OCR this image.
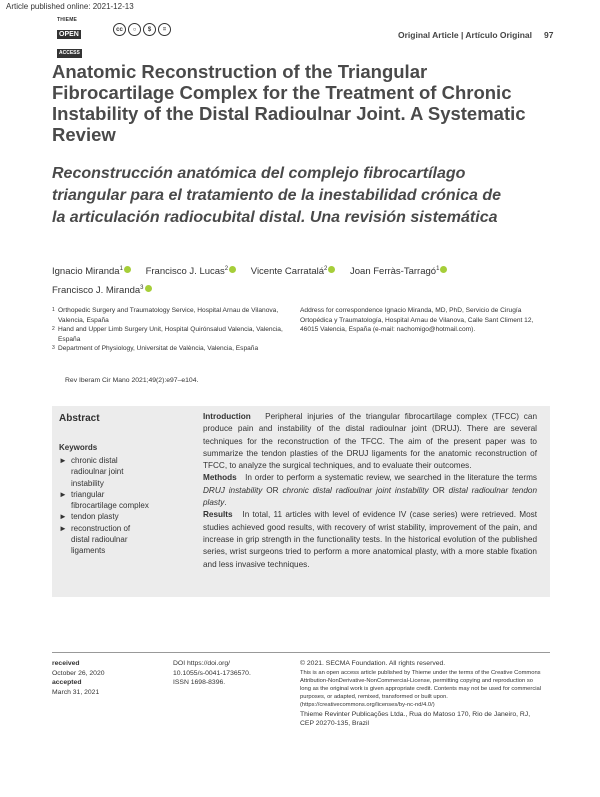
Article published online: 2021-12-13
THIEME
OPEN ACCESS
cc	○	$	=
Original Article | Artículo Original 97
Anatomic Reconstruction of the Triangular Fibrocartilage Complex for the Treatment of Chronic Instability of the Distal Radioulnar Joint. A Systematic Review
Reconstrucción anatómica del complejo fibrocartílago triangular para el tratamiento de la inestabilidad crónica de la articulación radiocubital distal. Una revisión sistemática
Ignacio Miranda$^1$ Francisco J. Lucas$^2$ Vicente Carratalá$^2$ Joan Ferràs-Tarragó$^1$
Francisco J. Miranda$^3$
1 Orthopedic Surgery and Traumatology Service, Hospital Arnau de Vilanova, Valencia, España
2 Hand and Upper Limb Surgery Unit, Hospital Quirónsalud Valencia, Valencia, España
3 Department of Physiology, Universitat de València, Valencia, España
Address for correspondence Ignacio Miranda, MD, PhD, Servicio de Cirugía Ortopédica y Traumatología, Hospital Arnau de Vilanova, Calle Sant Climent 12, 46015 Valencia, España (e-mail: nachomigo@hotmail.com).
Rev Iberam Cir Mano 2021;49(2):e97–e104.
Abstract
Keywords
► chronic distal radioulnar joint instability
► triangular fibrocartilage complex
► tendon plasty
► reconstruction of distal radioulnar ligaments

Introduction Peripheral injuries of the triangular fibrocartilage complex (TFCC) can produce pain and instability of the distal radioulnar joint (DRUJ). There are several techniques for the reconstruction of the TFCC. The aim of the present paper was to summarize the tendon plasties of the DRUJ ligaments for the anatomic reconstruction of TFCC, to analyze the surgical techniques, and to evaluate their outcomes.

Methods In order to perform a systematic review, we searched in the literature the terms DRUJ instability OR chronic distal radioulnar joint instability OR distal radioulnar tendon plasty.

Results In total, 11 articles with level of evidence IV (case series) were retrieved. Most studies achieved good results, with recovery of wrist stability, improvement of the pain, and increase in grip strength in the functionality tests. In the historical evolution of the published series, wrist surgeons tried to perform a more anatomical plasty, with a more stable fixation and less invasive techniques.

received
October 26, 2020
accepted
March 31, 2021
DOI https://doi.org/
10.1055/s-0041-1736570.
ISSN 1698-8396.
© 2021. SECMA Foundation. All rights reserved.
This is an open access article published by Thieme under the terms of the Creative Commons Attribution-NonDerivative-NonCommercial-License, permitting copying and reproduction so long as the original work is given appropriate credit. Contents may not be used for commercial purposes, or adapted, remixed, transformed or built upon. (https://creativecommons.org/licenses/by-nc-nd/4.0/)
Thieme Revinter Publicações Ltda., Rua do Matoso 170, Rio de Janeiro, RJ, CEP 20270-135, Brazil
